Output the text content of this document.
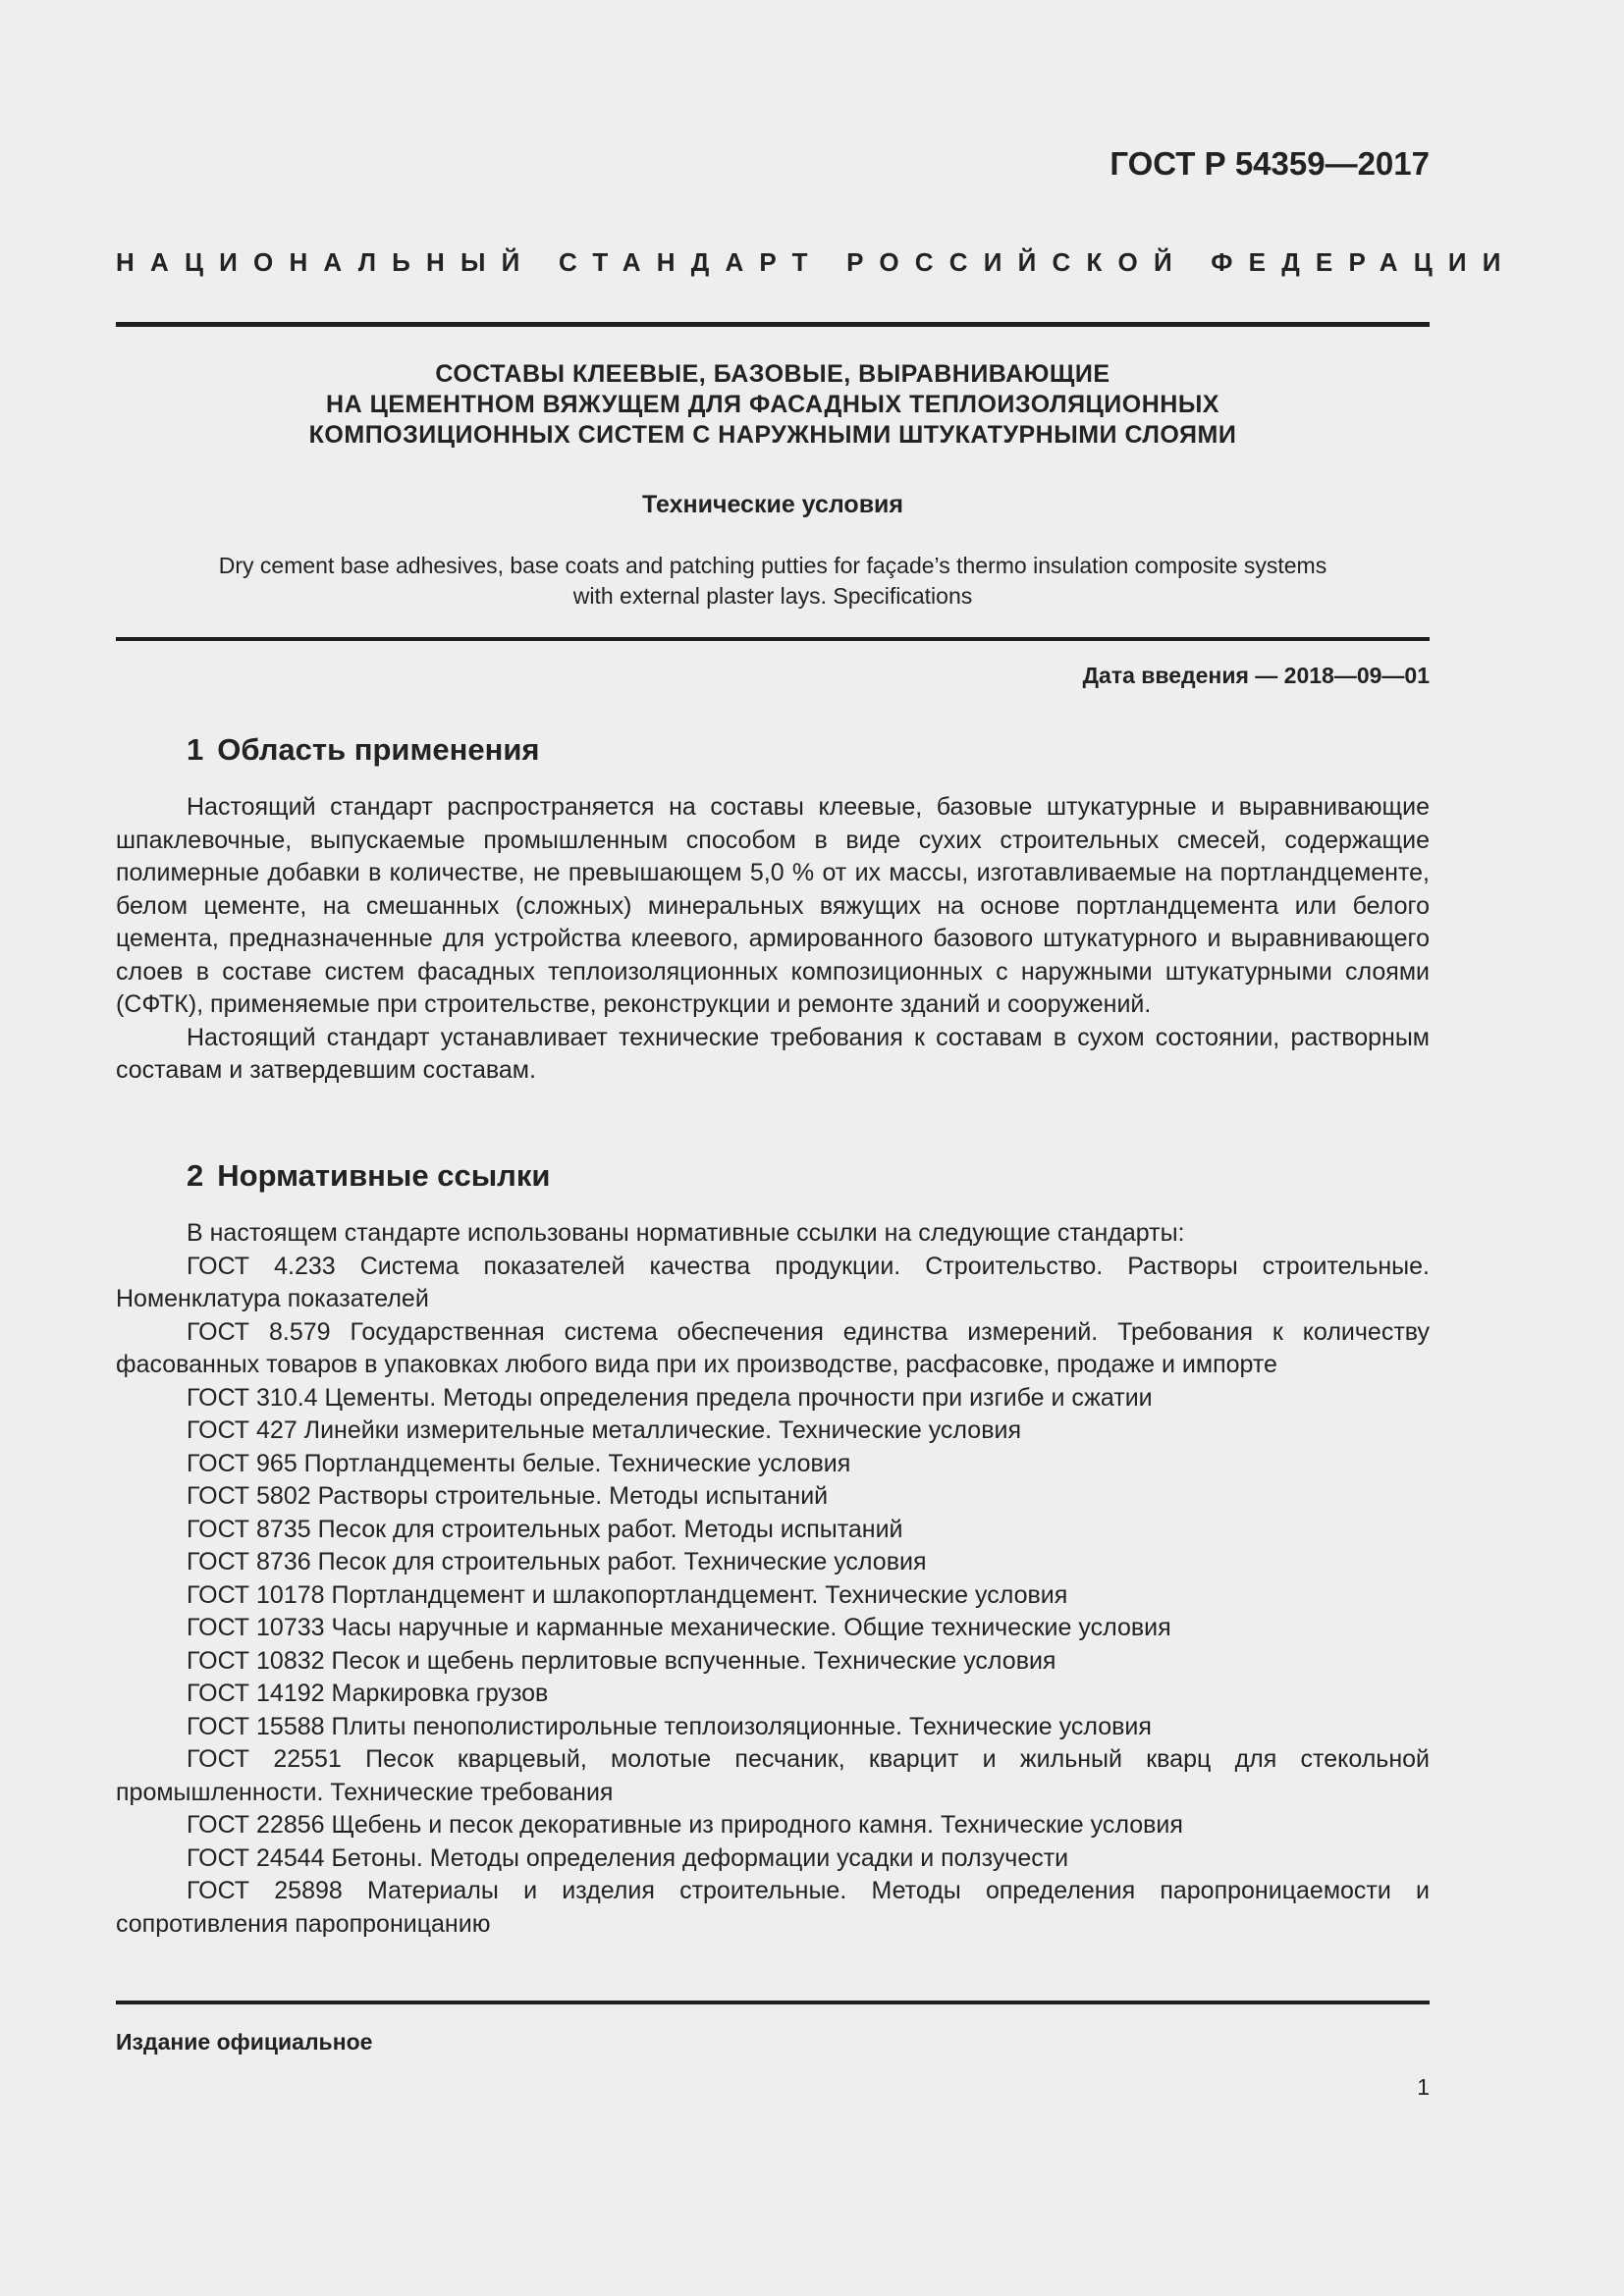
ГОСТ Р 54359—2017
НАЦИОНАЛЬНЫЙ СТАНДАРТ РОССИЙСКОЙ ФЕДЕРАЦИИ
СОСТАВЫ КЛЕЕВЫЕ, БАЗОВЫЕ, ВЫРАВНИВАЮЩИЕ
НА ЦЕМЕНТНОМ ВЯЖУЩЕМ ДЛЯ ФАСАДНЫХ ТЕПЛОИЗОЛЯЦИОННЫХ
КОМПОЗИЦИОННЫХ СИСТЕМ С НАРУЖНЫМИ ШТУКАТУРНЫМИ СЛОЯМИ
Технические условия
Dry cement base adhesives, base coats and patching putties for façade’s thermo insulation composite systems
with external plaster lays. Specifications
Дата введения — 2018—09—01
1 Область применения

Настоящий стандарт распространяется на составы клеевые, базовые штукатурные и выравнивающие шпаклевочные, выпускаемые промышленным способом в виде сухих строительных смесей, содержащие полимерные добавки в количестве, не превышающем 5,0 % от их массы, изготавливаемые на портландцементе, белом цементе, на смешанных (сложных) минеральных вяжущих на основе портландцемента или белого цемента, предназначенные для устройства клеевого, армированного базового штукатурного и выравнивающего слоев в составе систем фасадных теплоизоляционных композиционных с наружными штукатурными слоями (СФТК), применяемые при строительстве, реконструкции и ремонте зданий и сооружений.

Настоящий стандарт устанавливает технические требования к составам в сухом состоянии, растворным составам и затвердевшим составам.

2 Нормативные ссылки

В настоящем стандарте использованы нормативные ссылки на следующие стандарты:

ГОСТ 4.233 Система показателей качества продукции. Строительство. Растворы строительные. Номенклатура показателей

ГОСТ 8.579 Государственная система обеспечения единства измерений. Требования к количеству фасованных товаров в упаковках любого вида при их производстве, расфасовке, продаже и импорте

ГОСТ 310.4 Цементы. Методы определения предела прочности при изгибе и сжатии

ГОСТ 427 Линейки измерительные металлические. Технические условия

ГОСТ 965 Портландцементы белые. Технические условия

ГОСТ 5802 Растворы строительные. Методы испытаний

ГОСТ 8735 Песок для строительных работ. Методы испытаний

ГОСТ 8736 Песок для строительных работ. Технические условия

ГОСТ 10178 Портландцемент и шлакопортландцемент. Технические условия

ГОСТ 10733 Часы наручные и карманные механические. Общие технические условия

ГОСТ 10832 Песок и щебень перлитовые вспученные. Технические условия

ГОСТ 14192 Маркировка грузов

ГОСТ 15588 Плиты пенополистирольные теплоизоляционные. Технические условия

ГОСТ 22551 Песок кварцевый, молотые песчаник, кварцит и жильный кварц для стекольной промышленности. Технические требования

ГОСТ 22856 Щебень и песок декоративные из природного камня. Технические условия

ГОСТ 24544 Бетоны. Методы определения деформации усадки и ползучести

ГОСТ 25898 Материалы и изделия строительные. Методы определения паропроницаемости и сопротивления паропроницанию

Издание официальное
1
